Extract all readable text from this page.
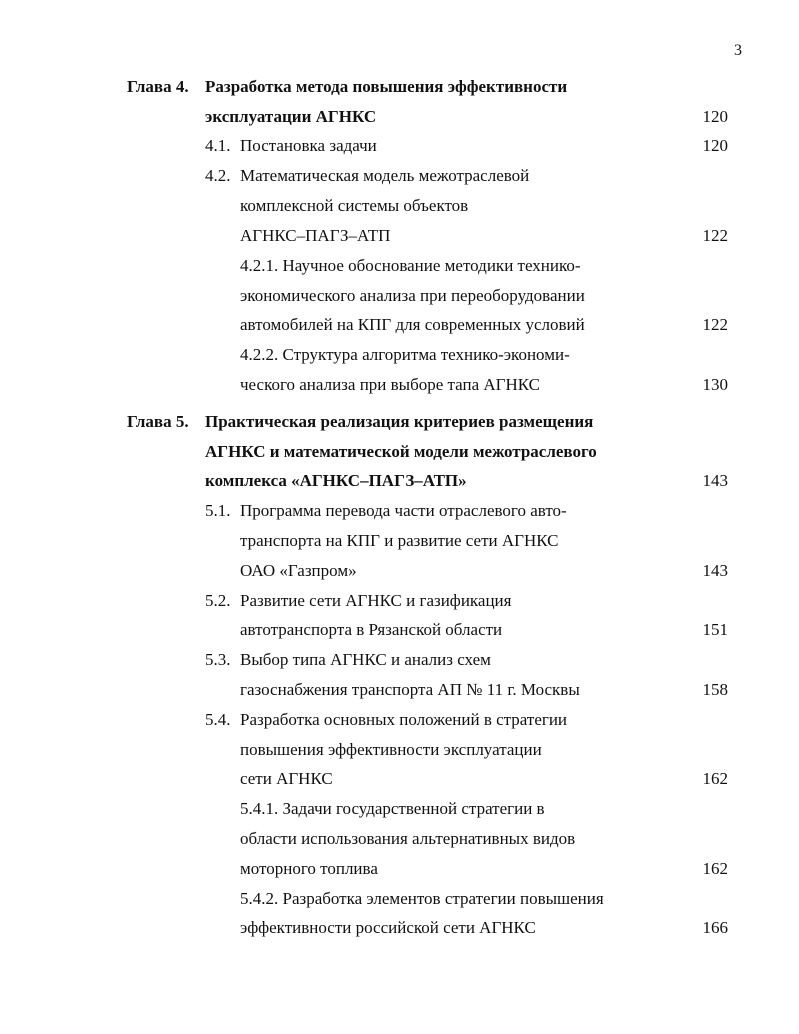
3
Глава 4. Разработка метода повышения эффективности
эксплуатации АГНКС	120
4.1. Постановка задачи	120
4.2. Математическая модель межотраслевой
комплексной системы объектов
АГНКС–ПАГЗ–АТП	122
4.2.1. Научное обоснование методики технико-
экономического анализа при переоборудовании
автомобилей на КПГ для современных условий	122
4.2.2. Структура алгоритма технико-экономи-
ческого анализа при выборе тапа АГНКС	130
Глава 5. Практическая реализация критериев размещения
АГНКС и математической модели межотраслевого
комплекса «АГНКС–ПАГЗ–АТП»	143
5.1. Программа перевода части отраслевого авто-
транспорта на КПГ и развитие сети АГНКС
ОАО «Газпром»	143
5.2. Развитие сети АГНКС и газификация
автотранспорта в Рязанской области	151
5.3. Выбор типа АГНКС и анализ схем
газоснабжения транспорта АП № 11 г. Москвы	158
5.4. Разработка основных положений в стратегии
повышения эффективности эксплуатации
сети АГНКС	162
5.4.1. Задачи государственной стратегии в
области использования альтернативных видов
моторного топлива	162
5.4.2. Разработка элементов стратегии повышения
эффективности российской сети АГНКС	166
